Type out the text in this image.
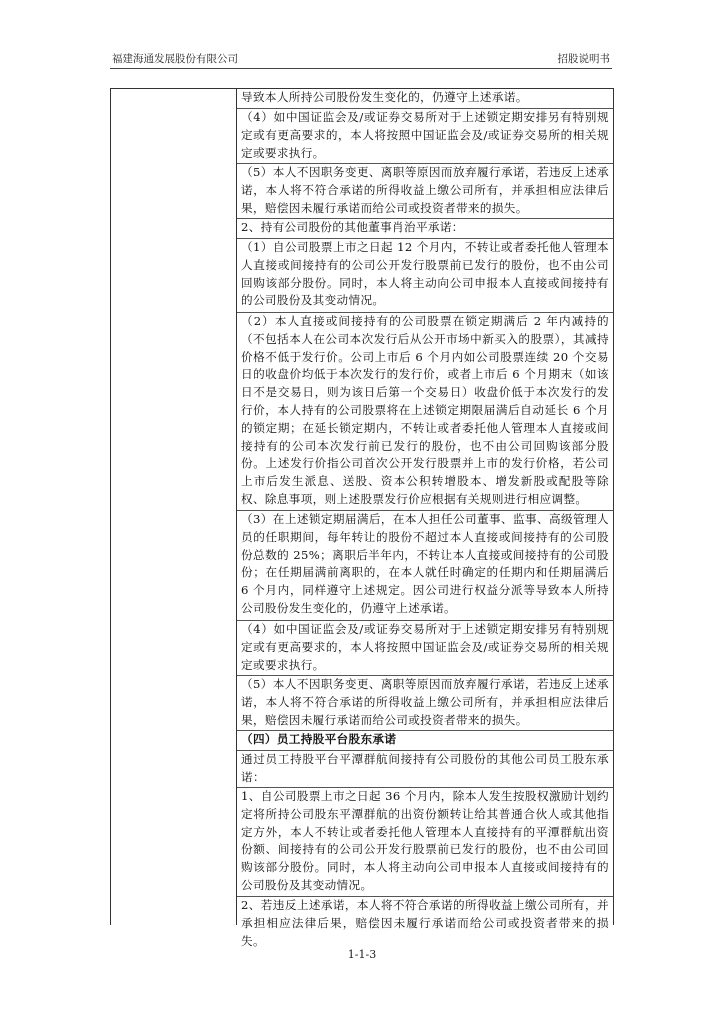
福建海通发展股份有限公司	招股说明书
导致本人所持公司股份发生变化的，仍遵守上述承诺。
（4）如中国证监会及/或证券交易所对于上述锁定期安排另有特别规定或有更高要求的，本人将按照中国证监会及/或证券交易所的相关规定或要求执行。
（5）本人不因职务变更、离职等原因而放弃履行承诺，若违反上述承诺，本人将不符合承诺的所得收益上缴公司所有，并承担相应法律后果，赔偿因未履行承诺而给公司或投资者带来的损失。
2、持有公司股份的其他董事肖治平承诺：
（1）自公司股票上市之日起 12 个月内，不转让或者委托他人管理本人直接或间接持有的公司公开发行股票前已发行的股份，也不由公司回购该部分股份。同时，本人将主动向公司申报本人直接或间接持有的公司股份及其变动情况。
（2）本人直接或间接持有的公司股票在锁定期满后 2 年内减持的（不包括本人在公司本次发行后从公开市场中新买入的股票），其减持价格不低于发行价。公司上市后 6 个月内如公司股票连续 20 个交易日的收盘价均低于本次发行的发行价，或者上市后 6 个月期末（如该日不是交易日，则为该日后第一个交易日）收盘价低于本次发行的发行价，本人持有的公司股票将在上述锁定期限届满后自动延长 6 个月的锁定期；在延长锁定期内，不转让或者委托他人管理本人直接或间接持有的公司本次发行前已发行的股份，也不由公司回购该部分股份。上述发行价指公司首次公开发行股票并上市的发行价格，若公司上市后发生派息、送股、资本公积转增股本、增发新股或配股等除权、除息事项，则上述股票发行价应根据有关规则进行相应调整。
（3）在上述锁定期届满后，在本人担任公司董事、监事、高级管理人员的任职期间，每年转让的股份不超过本人直接或间接持有的公司股份总数的 25%；离职后半年内，不转让本人直接或间接持有的公司股份；在任期届满前离职的，在本人就任时确定的任期内和任期届满后 6 个月内，同样遵守上述规定。因公司进行权益分派等导致本人所持公司股份发生变化的，仍遵守上述承诺。
（4）如中国证监会及/或证券交易所对于上述锁定期安排另有特别规定或有更高要求的，本人将按照中国证监会及/或证券交易所的相关规定或要求执行。
（5）本人不因职务变更、离职等原因而放弃履行承诺，若违反上述承诺，本人将不符合承诺的所得收益上缴公司所有，并承担相应法律后果，赔偿因未履行承诺而给公司或投资者带来的损失。
（四）员工持股平台股东承诺
通过员工持股平台平潭群航间接持有公司股份的其他公司员工股东承诺：
1、自公司股票上市之日起 36 个月内，除本人发生按股权激励计划约定将所持公司股东平潭群航的出资份额转让给其普通合伙人或其他指定方外，本人不转让或者委托他人管理本人直接持有的平潭群航出资份额、间接持有的公司公开发行股票前已发行的股份，也不由公司回购该部分股份。同时，本人将主动向公司申报本人直接或间接持有的公司股份及其变动情况。
2、若违反上述承诺，本人将不符合承诺的所得收益上缴公司所有，并承担相应法律后果，赔偿因未履行承诺而给公司或投资者带来的损失。
1-1-3
